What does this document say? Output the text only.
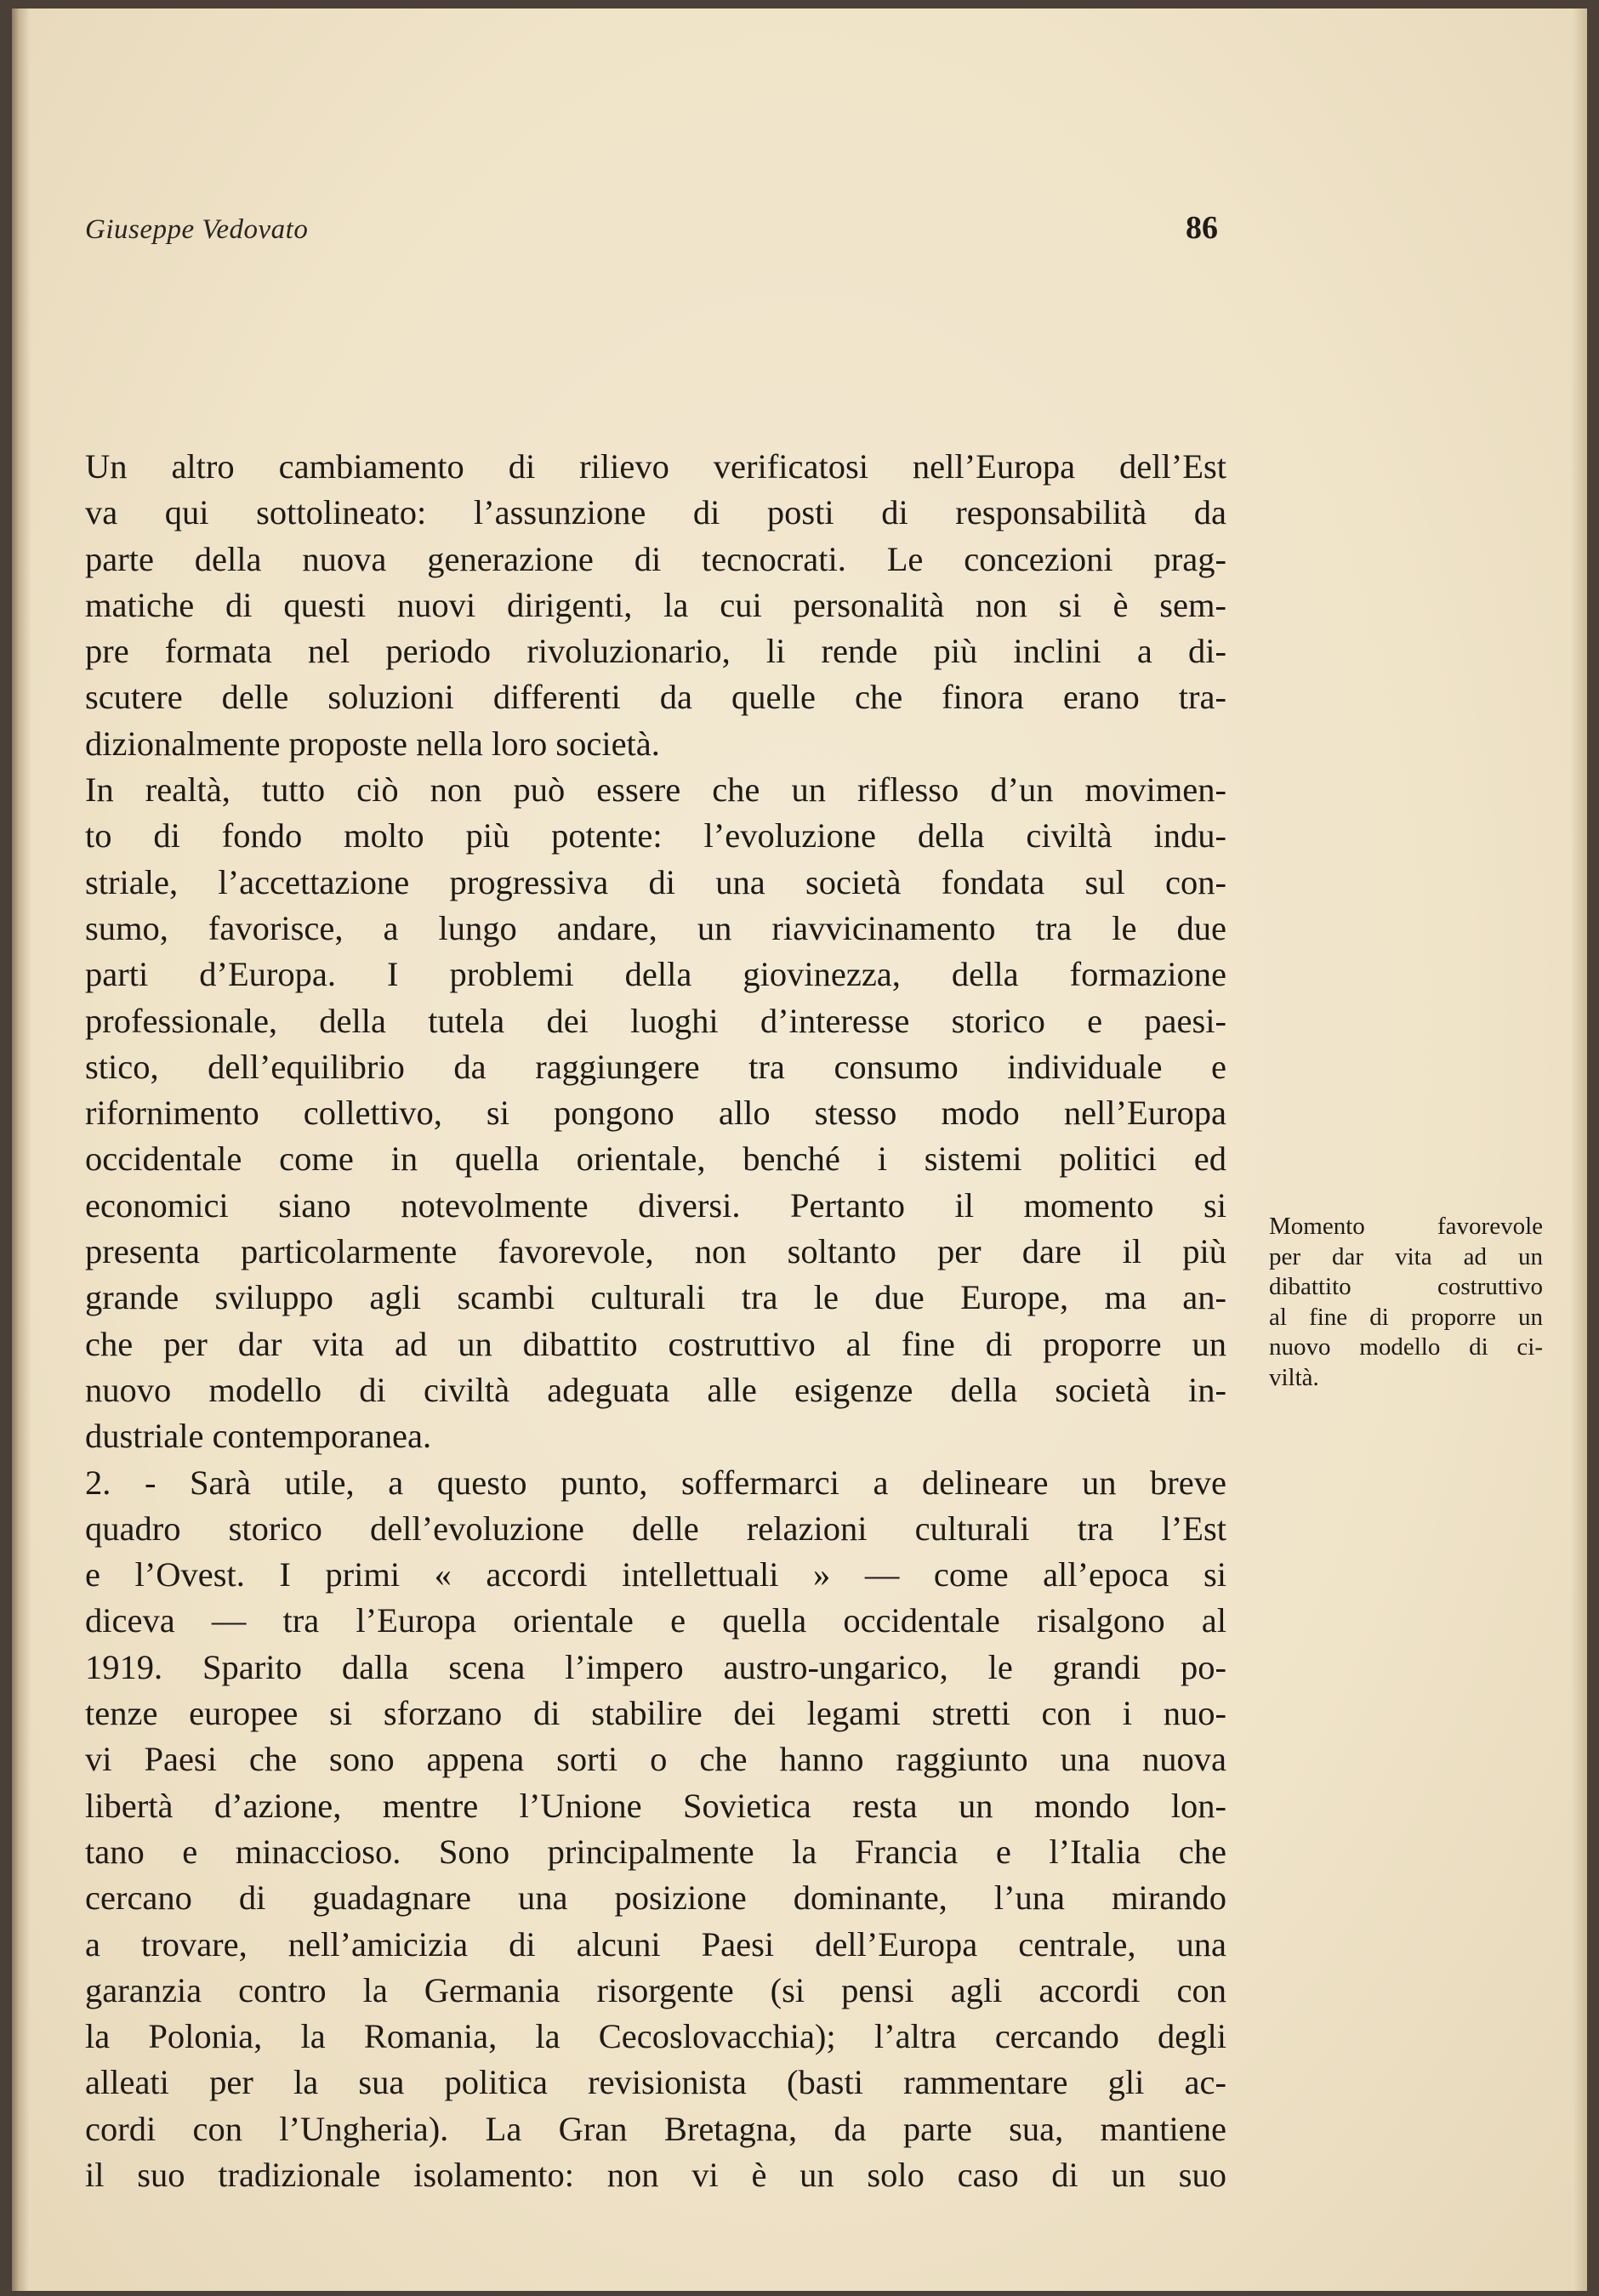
Giuseppe Vedovato	86
Un altro cambiamento di rilievo verificatosi nell’Europa dell’Est
va qui sottolineato: l’assunzione di posti di responsabilità da
parte della nuova generazione di tecnocrati. Le concezioni prag-
matiche di questi nuovi dirigenti, la cui personalità non si è sem-
pre formata nel periodo rivoluzionario, li rende più inclini a di-
scutere delle soluzioni differenti da quelle che finora erano tra-
dizionalmente proposte nella loro società.
In realtà, tutto ciò non può essere che un riflesso d’un movimen-
to di fondo molto più potente: l’evoluzione della civiltà indu-
striale, l’accettazione progressiva di una società fondata sul con-
sumo, favorisce, a lungo andare, un riavvicinamento tra le due
parti d’Europa. I problemi della giovinezza, della formazione
professionale, della tutela dei luoghi d’interesse storico e paesi-
stico, dell’equilibrio da raggiungere tra consumo individuale e
rifornimento collettivo, si pongono allo stesso modo nell’Europa
occidentale come in quella orientale, benché i sistemi politici ed
economici siano notevolmente diversi. Pertanto il momento si
presenta particolarmente favorevole, non soltanto per dare il più
grande sviluppo agli scambi culturali tra le due Europe, ma an-
che per dar vita ad un dibattito costruttivo al fine di proporre un
nuovo modello di civiltà adeguata alle esigenze della società in-
dustriale contemporanea.
2. - Sarà utile, a questo punto, soffermarci a delineare un breve
quadro storico dell’evoluzione delle relazioni culturali tra l’Est
e l’Ovest. I primi « accordi intellettuali » — come all’epoca si
diceva — tra l’Europa orientale e quella occidentale risalgono al
1919. Sparito dalla scena l’impero austro-ungarico, le grandi po-
tenze europee si sforzano di stabilire dei legami stretti con i nuo-
vi Paesi che sono appena sorti o che hanno raggiunto una nuova
libertà d’azione, mentre l’Unione Sovietica resta un mondo lon-
tano e minaccioso. Sono principalmente la Francia e l’Italia che
cercano di guadagnare una posizione dominante, l’una mirando
a trovare, nell’amicizia di alcuni Paesi dell’Europa centrale, una
garanzia contro la Germania risorgente (si pensi agli accordi con
la Polonia, la Romania, la Cecoslovacchia); l’altra cercando degli
alleati per la sua politica revisionista (basti rammentare gli ac-
cordi con l’Ungheria). La Gran Bretagna, da parte sua, mantiene
il suo tradizionale isolamento: non vi è un solo caso di un suo
Momento favorevole
per dar vita ad un
dibattito costruttivo
al fine di proporre un
nuovo modello di ci-
viltà.
